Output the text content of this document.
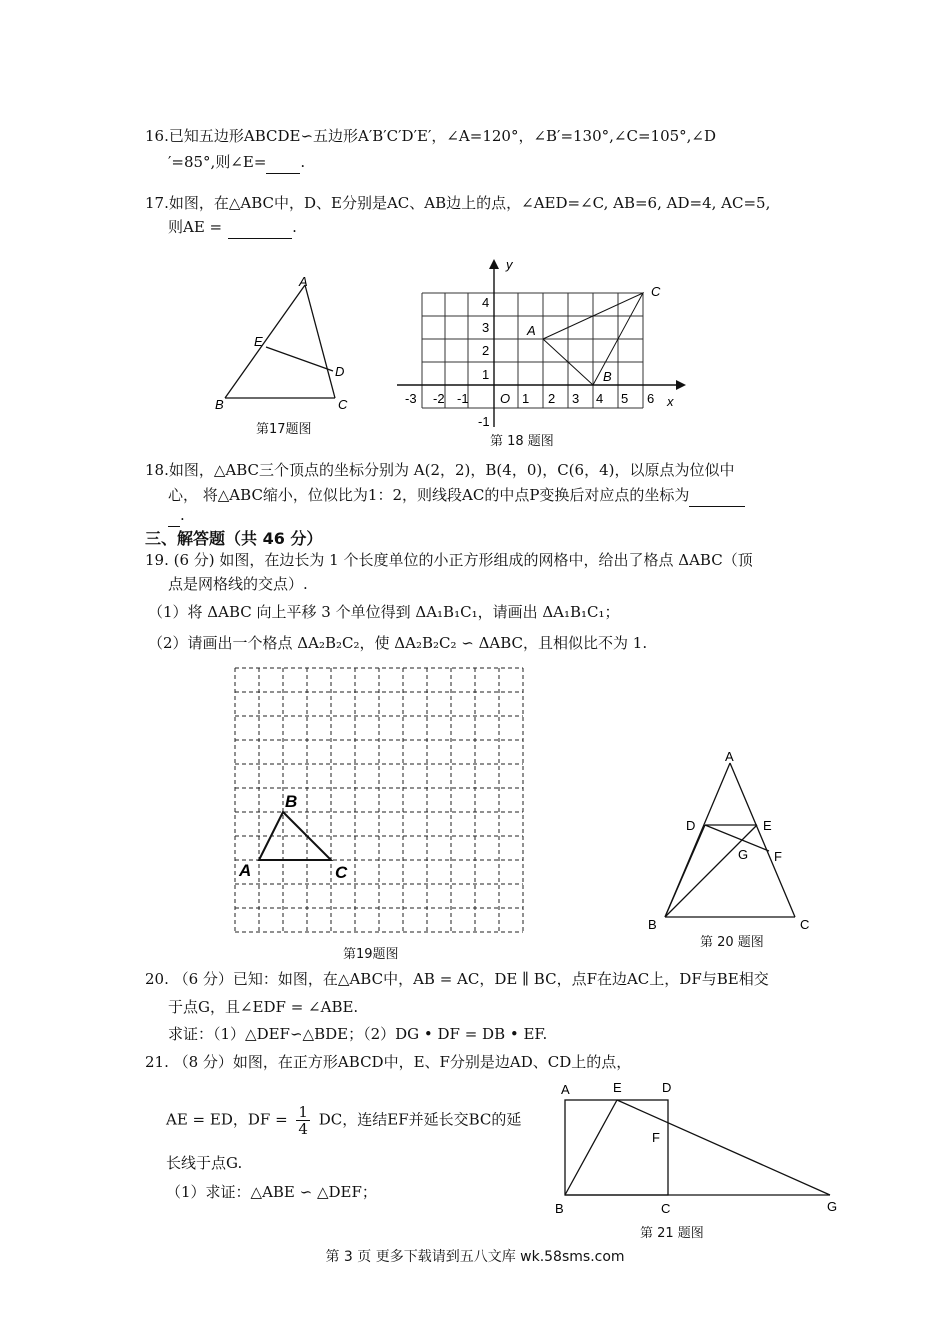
16.已知五边形ABCDE∽五边形A′B′C′D′E′，∠A=120°，∠B′=130°,∠C=105°,∠D
′=85°,则∠E= .
17.如图，在△ABC中，D、E分别是AC、AB边上的点，∠AED=∠C, AB=6, AD=4, AC=5,
则AE =	.
A
B	C
D
E
第17题图
-3 -2 -1 O 1 2 3 4 5 6
4
3
2
1
-1
x
y
A
B
C
第 18 题图
18.如图，△ABC三个顶点的坐标分别为 A(2，2)，B(4，0)，C(6，4)，以原点为位似中
心， 将△ABC缩小，位似比为1：2，则线段AC的中点P变换后对应点的坐标为
.
三、解答题（共 46 分）
19. (6 分) 如图，在边长为 1 个长度单位的小正方形组成的网格中，给出了格点 ΔABC（顶
点是网格线的交点）.
（1）将 ΔABC 向上平移 3 个单位得到 ΔA₁B₁C₁，请画出 ΔA₁B₁C₁；
（2）请画出一个格点 ΔA₂B₂C₂，使 ΔA₂B₂C₂ ∽ ΔABC，且相似比不为 1.
A
B
C
第19题图
A
B	C
D	E
F
G
第 20 题图
20. （6 分）已知：如图，在△ABC中，AB = AC，DE ∥ BC，点F在边AC上，DF与BE相交
于点G，且∠EDF = ∠ABE.
求证：（1）△DEF∽△BDE；（2）DG • DF = DB • EF.
21. （8 分）如图，在正方形ABCD中，E、F分别是边AD、CD上的点，
AE = ED，DF = $\frac{1}{4}$ DC，连结EF并延长交BC的延
长线于点G.
（1）求证：△ABE ∽ △DEF；
A
B	C
D
E
F
G
第 21 题图
第 3 页 更多下载请到五八文库 wk.58sms.com
